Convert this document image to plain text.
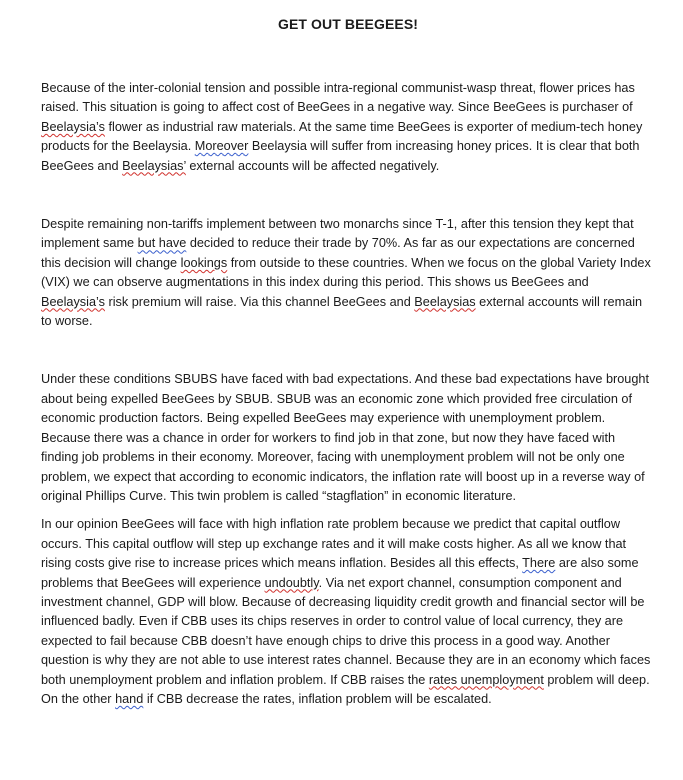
GET OUT BEEGEES!

Because of the inter-colonial tension and possible intra-regional communist-wasp threat, flower prices has raised. This situation is going to affect cost of BeeGees in a negative way. Since BeeGees is purchaser of Beelaysia’s flower as industrial raw materials. At the same time BeeGees is exporter of medium-tech honey products for the Beelaysia. Moreover Beelaysia will suffer from increasing honey prices. It is clear that both BeeGees and Beelaysias’ external accounts will be affected negatively.

Despite remaining non-tariffs implement between two monarchs since T-1, after this tension they kept that implement same but have decided to reduce their trade by 70%. As far as our expectations are concerned this decision will change lookings from outside to these countries. When we focus on the global Variety Index (VIX) we can observe augmentations in this index during this period. This shows us BeeGees and Beelaysia’s risk premium will raise. Via this channel BeeGees and Beelaysias external accounts will remain to worse.

Under these conditions SBUBS have faced with bad expectations. And these bad expectations have brought about being expelled BeeGees by SBUB. SBUB was an economic zone which provided free circulation of economic production factors. Being expelled BeeGees may experience with unemployment problem. Because there was a chance in order for workers to find job in that zone, but now they have faced with finding job problems in their economy. Moreover, facing with unemployment problem will not be only one problem, we expect that according to economic indicators, the inflation rate will boost up in a reverse way of original Phillips Curve. This twin problem is called “stagflation” in economic literature.

In our opinion BeeGees will face with high inflation rate problem because we predict that capital outflow occurs. This capital outflow will step up exchange rates and it will make costs higher. As all we know that rising costs give rise to increase prices which means inflation. Besides all this effects, There are also some problems that BeeGees will experience undoubtly. Via net export channel, consumption component and investment channel, GDP will blow. Because of decreasing liquidity credit growth and financial sector will be influenced badly. Even if CBB uses its chips reserves in order to control value of local currency, they are expected to fail because CBB doesn’t have enough chips to drive this process in a good way. Another question is why they are not able to use interest rates channel. Because they are in an economy which faces both unemployment problem and inflation problem. If CBB raises the rates unemployment problem will deep. On the other hand if CBB decrease the rates, inflation problem will be escalated.
